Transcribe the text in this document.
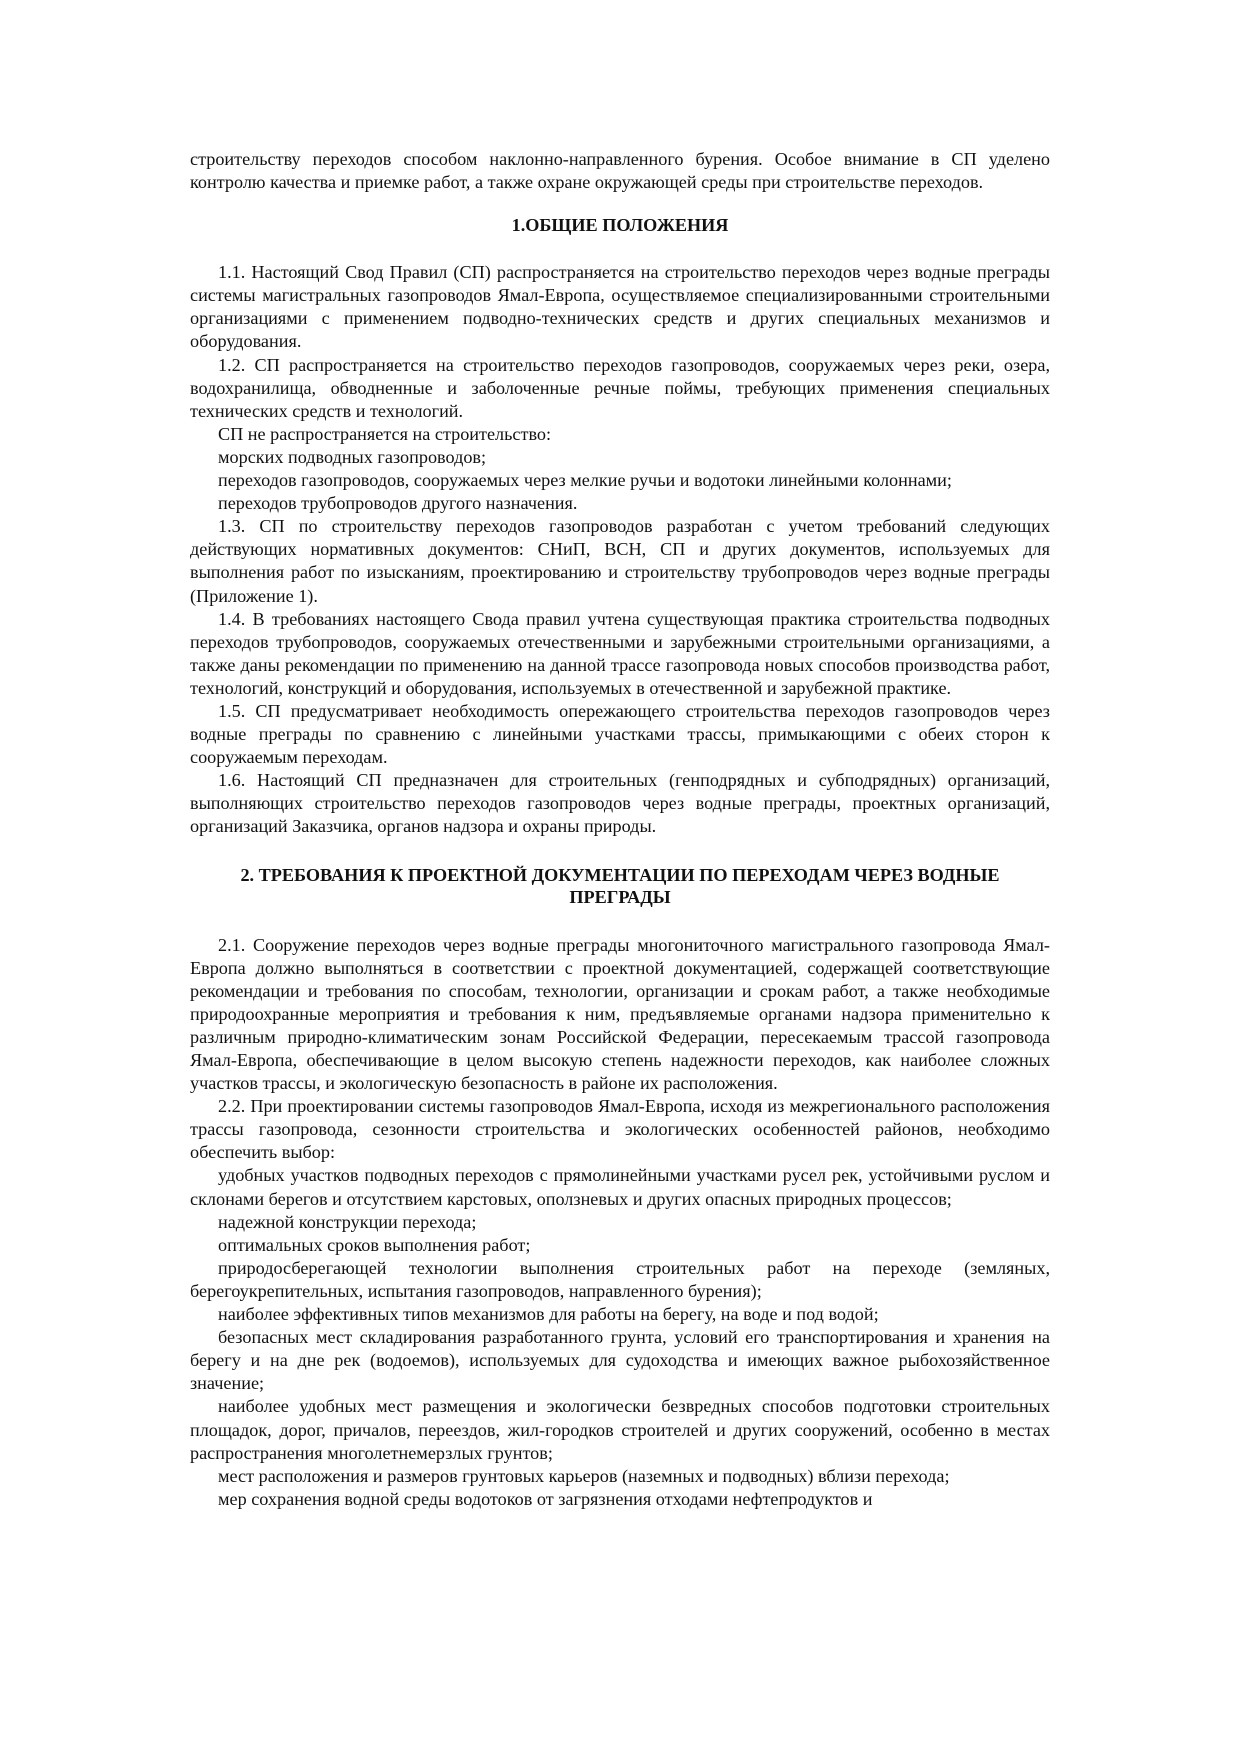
строительству переходов способом наклонно-направленного бурения. Особое внимание в СП уделено контролю качества и приемке работ, а также охране окружающей среды при строительстве переходов.

1.ОБЩИЕ ПОЛОЖЕНИЯ

1.1. Настоящий Свод Правил (СП) распространяется на строительство переходов через водные преграды системы магистральных газопроводов Ямал-Европа, осуществляемое специализированными строительными организациями с применением подводно-технических средств и других специальных механизмов и оборудования.

1.2. СП распространяется на строительство переходов газопроводов, сооружаемых через реки, озера, водохранилища, обводненные и заболоченные речные поймы, требующих применения специальных технических средств и технологий.

СП не распространяется на строительство:

морских подводных газопроводов;

переходов газопроводов, сооружаемых через мелкие ручьи и водотоки линейными колоннами;

переходов трубопроводов другого назначения.

1.3. СП по строительству переходов газопроводов разработан с учетом требований следующих действующих нормативных документов: СНиП, ВСН, СП и других документов, используемых для выполнения работ по изысканиям, проектированию и строительству трубопроводов через водные преграды (Приложение 1).

1.4. В требованиях настоящего Свода правил учтена существующая практика строительства подводных переходов трубопроводов, сооружаемых отечественными и зарубежными строительными организациями, а также даны рекомендации по применению на данной трассе газопровода новых способов производства работ, технологий, конструкций и оборудования, используемых в отечественной и зарубежной практике.

1.5. СП предусматривает необходимость опережающего строительства переходов газопроводов через водные преграды по сравнению с линейными участками трассы, примыкающими с обеих сторон к сооружаемым переходам.

1.6. Настоящий СП предназначен для строительных (генподрядных и субподрядных) организаций, выполняющих строительство переходов газопроводов через водные преграды, проектных организаций, организаций Заказчика, органов надзора и охраны природы.

2. ТРЕБОВАНИЯ К ПРОЕКТНОЙ ДОКУМЕНТАЦИИ ПО ПЕРЕХОДАМ ЧЕРЕЗ ВОДНЫЕ ПРЕГРАДЫ

2.1. Сооружение переходов через водные преграды многониточного магистрального газопровода Ямал-Европа должно выполняться в соответствии с проектной документацией, содержащей соответствующие рекомендации и требования по способам, технологии, организации и срокам работ, а также необходимые природоохранные мероприятия и требования к ним, предъявляемые органами надзора применительно к различным природно-климатическим зонам Российской Федерации, пересекаемым трассой газопровода Ямал-Европа, обеспечивающие в целом высокую степень надежности переходов, как наиболее сложных участков трассы, и экологическую безопасность в районе их расположения.

2.2. При проектировании системы газопроводов Ямал-Европа, исходя из межрегионального расположения трассы газопровода, сезонности строительства и экологических особенностей районов, необходимо обеспечить выбор:

удобных участков подводных переходов с прямолинейными участками русел рек, устойчивыми руслом и склонами берегов и отсутствием карстовых, оползневых и других опасных природных процессов;

надежной конструкции перехода;

оптимальных сроков выполнения работ;

природосберегающей технологии выполнения строительных работ на переходе (земляных, берегоукрепительных, испытания газопроводов, направленного бурения);

наиболее эффективных типов механизмов для работы на берегу, на воде и под водой;

безопасных мест складирования разработанного грунта, условий его транспортирования и хранения на берегу и на дне рек (водоемов), используемых для судоходства и имеющих важное рыбохозяйственное значение;

наиболее удобных мест размещения и экологически безвредных способов подготовки строительных площадок, дорог, причалов, переездов, жил-городков строителей и других сооружений, особенно в местах распространения многолетнемерзлых грунтов;

мест расположения и размеров грунтовых карьеров (наземных и подводных) вблизи перехода;

мер сохранения водной среды водотоков от загрязнения отходами нефтепродуктов и
